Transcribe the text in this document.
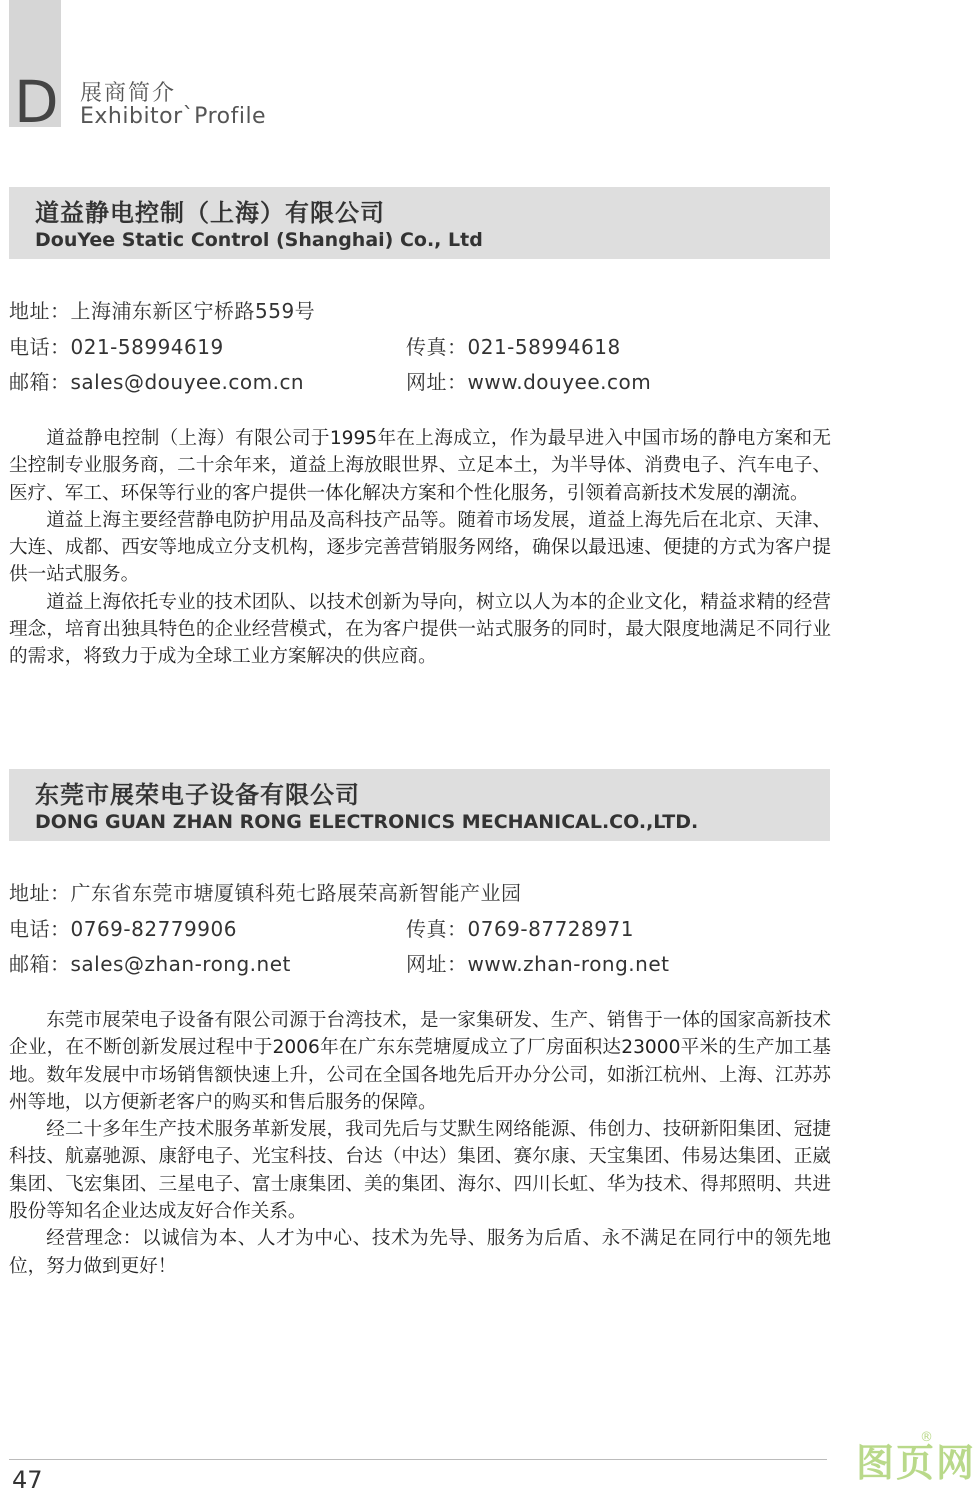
D 展商简介
Exhibitor`Profile
道益静电控制（上海）有限公司
DouYee Static Control (Shanghai) Co., Ltd
地址：上海浦东新区宁桥路559号
电话：021-58994619	传真：021-58994618
邮箱：sales@douyee.com.cn	网址：www.douyee.com

道益静电控制（上海）有限公司于1995年在上海成立，作为最早进入中国市场的静电方案和无尘控制专业服务商，二十余年来，道益上海放眼世界、立足本土，为半导体、消费电子、汽车电子、医疗、军工、环保等行业的客户提供一体化解决方案和个性化服务，引领着高新技术发展的潮流。

道益上海主要经营静电防护用品及高科技产品等。随着市场发展，道益上海先后在北京、天津、大连、成都、西安等地成立分支机构，逐步完善营销服务网络，确保以最迅速、便捷的方式为客户提供一站式服务。

道益上海依托专业的技术团队、以技术创新为导向，树立以人为本的企业文化，精益求精的经营理念，培育出独具特色的企业经营模式，在为客户提供一站式服务的同时，最大限度地满足不同行业的需求，将致力于成为全球工业方案解决的供应商。

东莞市展荣电子设备有限公司
DONG GUAN ZHAN RONG ELECTRONICS MECHANICAL.CO.,LTD.
地址：广东省东莞市塘厦镇科苑七路展荣高新智能产业园
电话：0769-82779906	传真：0769-87728971
邮箱：sales@zhan-rong.net	网址：www.zhan-rong.net

东莞市展荣电子设备有限公司源于台湾技术，是一家集研发、生产、销售于一体的国家高新技术企业，在不断创新发展过程中于2006年在广东东莞塘厦成立了厂房面积达23000平米的生产加工基地。数年发展中市场销售额快速上升，公司在全国各地先后开办分公司，如浙江杭州、上海、江苏苏州等地，以方便新老客户的购买和售后服务的保障。

经二十多年生产技术服务革新发展，我司先后与艾默生网络能源、伟创力、技研新阳集团、冠捷科技、航嘉驰源、康舒电子、光宝科技、台达（中达）集团、赛尔康、天宝集团、伟易达集团、正崴集团、飞宏集团、三星电子、富士康集团、美的集团、海尔、四川长虹、华为技术、得邦照明、共进股份等知名企业达成友好合作关系。

经营理念：以诚信为本、人才为中心、技术为先导、服务为后盾、永不满足在同行中的领先地位，努力做到更好！

47	图页网
®
